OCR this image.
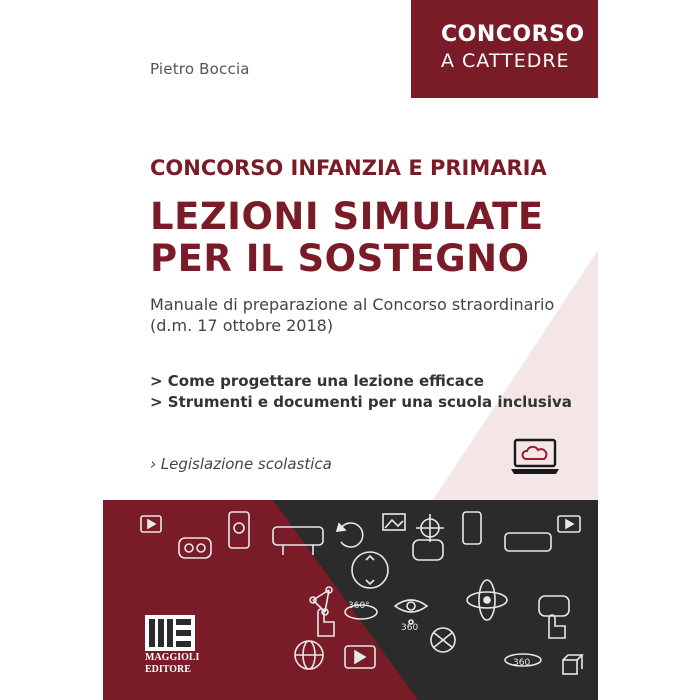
360°
360
360
Pietro Boccia
CONCORSO
A CATTEDRE
CONCORSO INFANZIA E PRIMARIA
LEZIONI SIMULATE
PER IL SOSTEGNO
Manuale di preparazione al Concorso straordinario
(d.m. 17 ottobre 2018)
> Come progettare una lezione efficace
> Strumenti e documenti per una scuola inclusiva
› Legislazione scolastica
MAGGIOLI
EDITORE
